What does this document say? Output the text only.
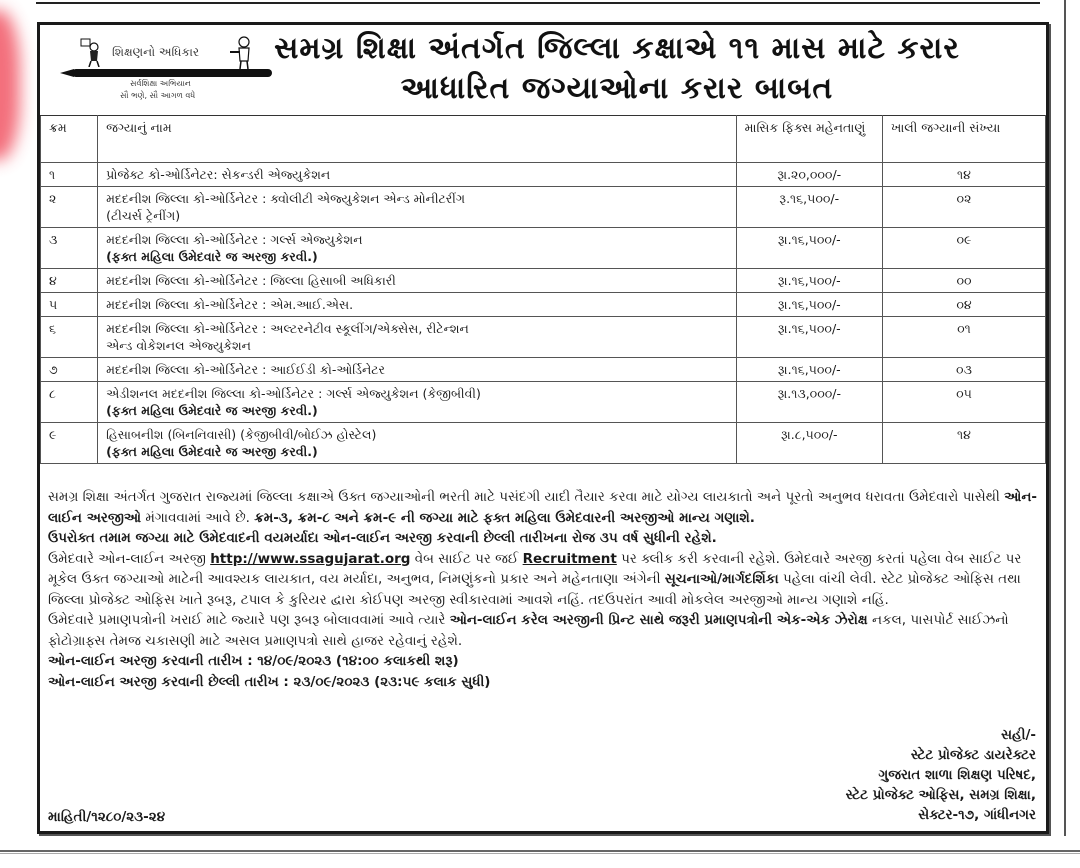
શિક્ષણનો અધિકાર
સર્વશિક્ષા અભિયાન
સૌ ભણે, સૌ આગળ વધે
સમગ્ર શિક્ષા અંતર્ગત જિલ્લા કક્ષાએ ૧૧ માસ માટે કરાર
આધારિત જગ્યાઓના કરાર બાબત
ક્રમ	જગ્યાનું નામ	માસિક ફિક્સ મહેનતાણું	ખાલી જગ્યાની સંખ્યા
૧	પ્રોજેક્ટ કો-ઓર્ડિનેટર: સેકન્ડરી એજ્યુકેશન	રૂા.૨૦,૦૦૦/-	૧૪
૨	મદદનીશ જિલ્લા કો-ઓર્ડિનેટર : ક્વોલીટી એજ્યુકેશન એન્ડ મોનીટરીંગ
(ટીચર્સ ટ્રેનીંગ)	રૂ.૧૬,૫૦૦/-	૦૨
૩	મદદનીશ જિલ્લા કો-ઓર્ડિનેટર : ગર્લ્સ એજ્યુકેશન
(ફક્ત મહિલા ઉમેદવારે જ અરજી કરવી.)	રૂા.૧૬,૫૦૦/-	૦૯
૪	મદદનીશ જિલ્લા કો-ઓર્ડિનેટર : જિલ્લા હિસાબી અધિકારી	રૂા.૧૬,૫૦૦/-	૦૦
૫	મદદનીશ જિલ્લા કો-ઓર્ડિનેટર : એમ.આઈ.એસ.	રૂા.૧૬,૫૦૦/-	૦૪
૬	મદદનીશ જિલ્લા કો-ઓર્ડિનેટર : અલ્ટરનેટીવ સ્કૂલીંગ/એક્સેસ, રીટેન્શન
એન્ડ વોકેશનલ એજ્યુકેશન	રૂા.૧૬,૫૦૦/-	૦૧
૭	મદદનીશ જિલ્લા કો-ઓર્ડિનેટર : આઈઈડી કો-ઓર્ડિનેટર	રૂા.૧૬,૫૦૦/-	૦૩
૮	એડીશનલ મદદનીશ જિલ્લા કો-ઓર્ડિનેટર : ગર્લ્સ એજ્યુકેશન (કેજીબીવી)
(ફક્ત મહિલા ઉમેદવારે જ અરજી કરવી.)	રૂા.૧૩,૦૦૦/-	૦૫
૯	હિસાબનીશ (બિનનિવાસી) (કેજીબીવી/બોઈઝ હોસ્ટેલ)
(ફક્ત મહિલા ઉમેદવારે જ અરજી કરવી.)	રૂા.૮,૫૦૦/-	૧૪

સમગ્ર શિક્ષા અંતર્ગત ગુજરાત રાજ્યમાં જિલ્લા કક્ષાએ ઉક્ત જગ્યાઓની ભરતી માટે પસંદગી યાદી તૈયાર કરવા માટે યોગ્ય લાયકાતો અને પૂરતો અનુભવ ધરાવતા ઉમેદવારો પાસેથી ઓન-લાઈન અરજીઓ મંગાવવામાં આવે છે. ક્રમ-૩, ક્રમ-૮ અને ક્રમ-૯ ની જગ્યા માટે ફક્ત મહિલા ઉમેદવારની અરજીઓ માન્ય ગણાશે.

ઉપરોક્ત તમામ જગ્યા માટે ઉમેદવાદની વયમર્યાદા ઓન-લાઈન અરજી કરવાની છેલ્લી તારીખના રોજ ૩૫ વર્ષ સુધીની રહેશે.

ઉમેદવારે ઓન-લાઈન અરજી http://www.ssagujarat.org વેબ સાઈટ પર જઈ Recruitment પર ક્લીક કરી કરવાની રહેશે. ઉમેદવારે અરજી કરતાં પહેલા વેબ સાઈટ પર મૂકેલ ઉક્ત જગ્યાઓ માટેની આવશ્યક લાયકાત, વય મર્યાદા, અનુભવ, નિમણુંકનો પ્રકાર અને મહેનતાણા અંગેની સૂચનાઓ/માર્ગદર્શિકા પહેલા વાંચી લેવી. સ્ટેટ પ્રોજેક્ટ ઓફિસ તથા જિલ્લા પ્રોજેક્ટ ઓફિસ ખાતે રૂબરૂ, ટપાલ કે કુરિયર દ્વારા કોઈપણ અરજી સ્વીકારવામાં આવશે નહિં. તદઉપરાંત આવી મોકલેલ અરજીઓ માન્ય ગણાશે નહિં.

ઉમેદવારે પ્રમાણપત્રોની ખરાઈ માટે જ્યારે પણ રૂબરૂ બોલાવવામાં આવે ત્યારે ઓન-લાઈન કરેલ અરજીની પ્રિન્ટ સાથે જરૂરી પ્રમાણપત્રોની એક-એક ઝેરોક્ષ નકલ, પાસપોર્ટ સાઈઝનો ફોટોગ્રાફ્સ તેમજ ચકાસણી માટે અસલ પ્રમાણપત્રો સાથે હાજર રહેવાનું રહેશે.

ઓન-લાઈન અરજી કરવાની તારીખ : ૧૪/૦૯/૨૦૨૩ (૧૪:૦૦ કલાકથી શરૂ)

ઓન-લાઈન અરજી કરવાની છેલ્લી તારીખ : ૨૩/૦૯/૨૦૨૩ (૨૩:૫૯ કલાક સુધી)

સહી/-
સ્ટેટ પ્રોજેક્ટ ડાયરેક્ટર
ગુજરાત શાળા શિક્ષણ પરિષદ,
સ્ટેટ પ્રોજેક્ટ ઓફિસ, સમગ્ર શિક્ષા,
સેક્ટર-૧૭, ગાંધીનગર
માહિતી/૧૨૮૦/૨૩-૨૪
